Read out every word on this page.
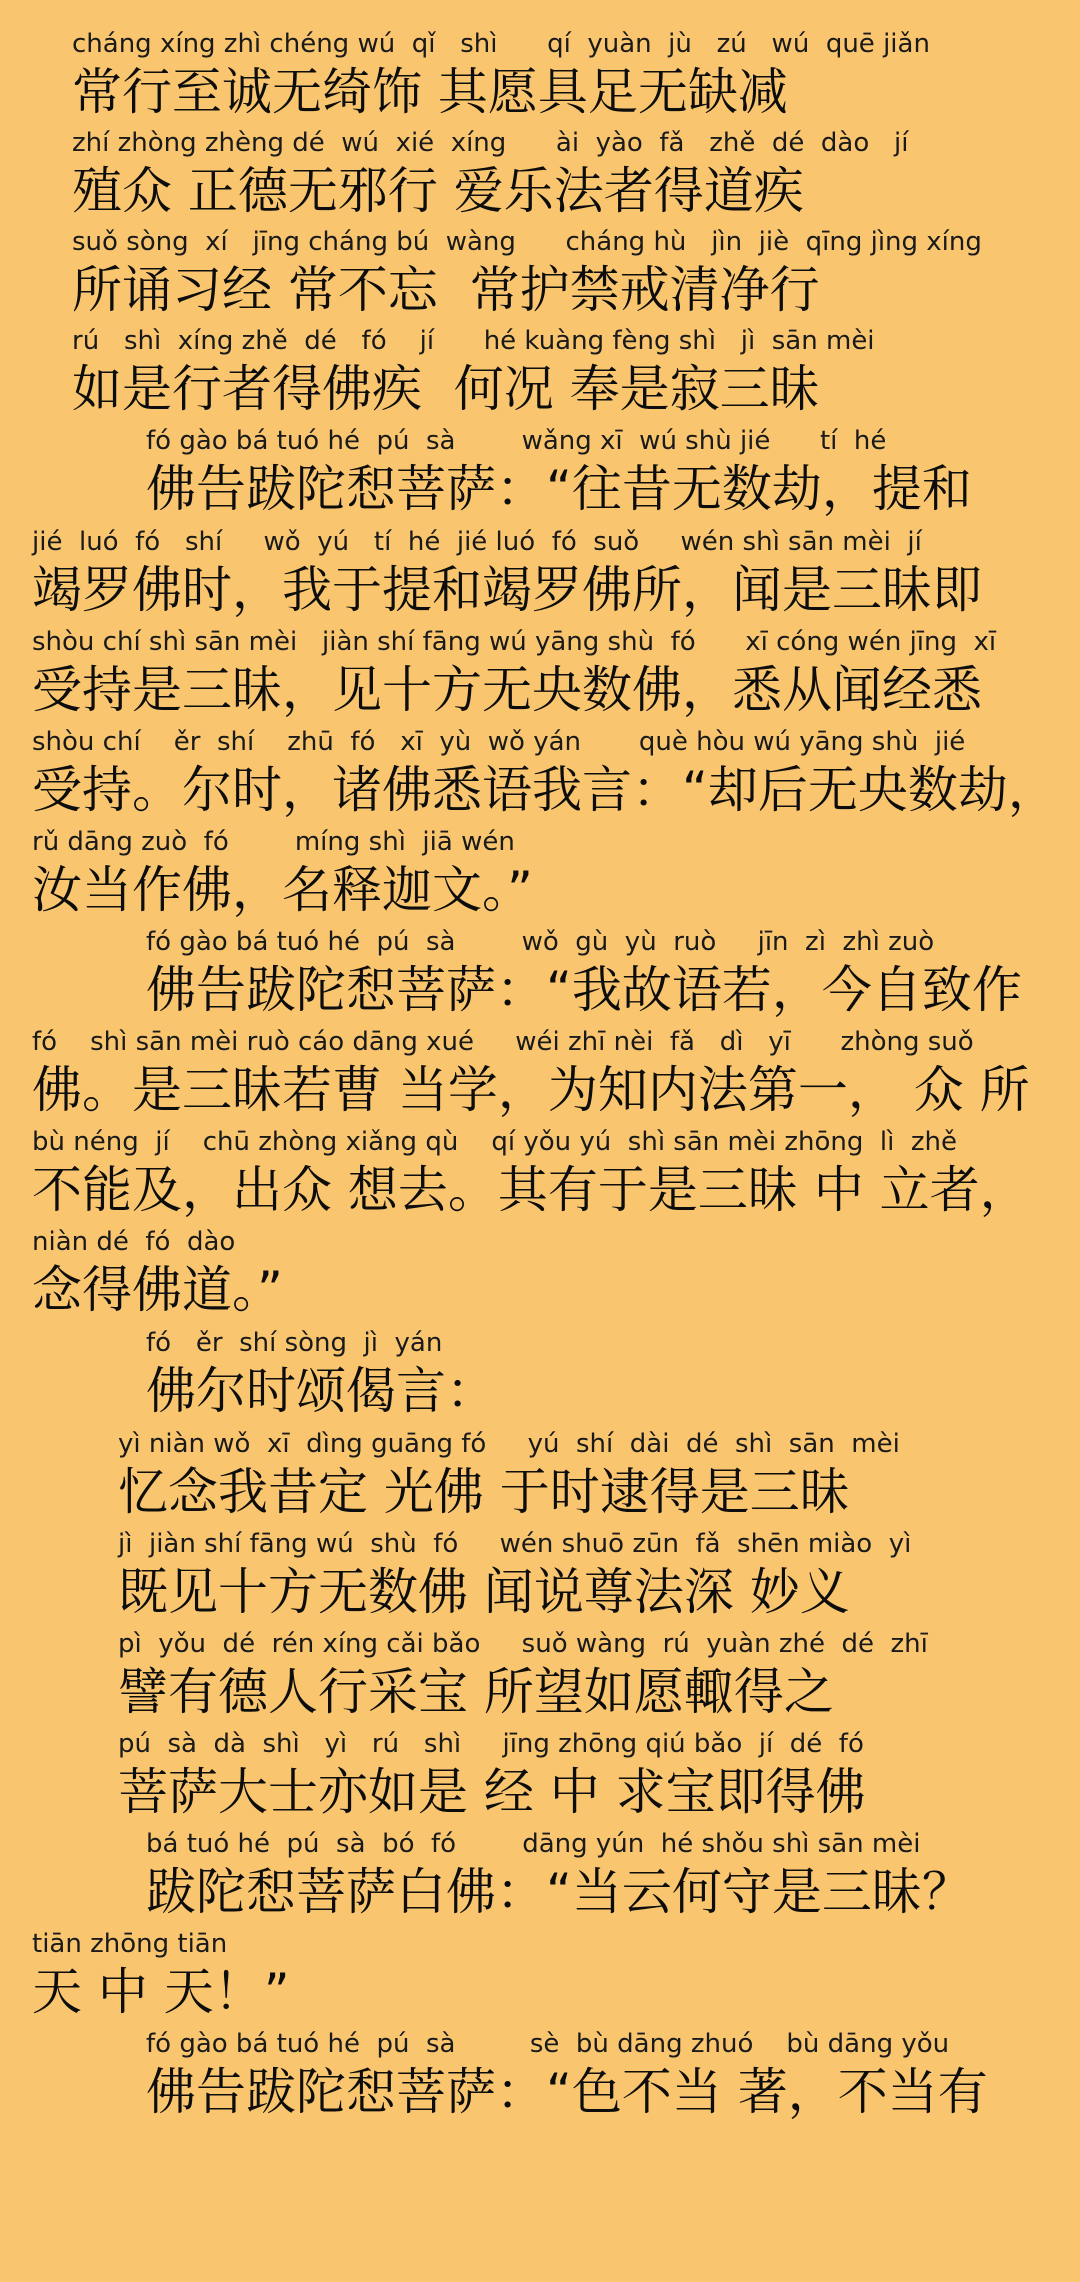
cháng xíng zhì chéng wú  qǐ   shì      qí  yuàn  jù   zú   wú  quē jiǎn
常行至诚无绮饰 其愿具足无缺减
zhí zhòng zhèng dé  wú  xié  xíng      ài  yào  fǎ   zhě  dé  dào   jí
殖众 正德无邪行 爱乐法者得道疾
suǒ sòng  xí   jīng cháng bú  wàng      cháng hù   jìn  jiè  qīng jìng xíng
所诵习经 常不忘  常护禁戒清净行
rú   shì  xíng zhě  dé   fó    jí      hé kuàng fèng shì   jì  sān mèi
如是行者得佛疾  何况 奉是寂三昧
fó gào bá tuó hé  pú  sà        wǎng xī  wú shù jié      tí  hé
佛告跋陀惒菩萨：“往昔无数劫，提和
jié  luó  fó   shí     wǒ  yú   tí  hé  jié luó  fó  suǒ     wén shì sān mèi  jí
竭罗佛时，我于提和竭罗佛所，闻是三昧即
shòu chí shì sān mèi   jiàn shí fāng wú yāng shù  fó      xī cóng wén jīng  xī
受持是三昧，见十方无央数佛，悉从闻经悉
shòu chí    ěr  shí    zhū  fó   xī  yù  wǒ yán       què hòu wú yāng shù  jié
受持。尔时，诸佛悉语我言：“却后无央数劫，
rǔ dāng zuò  fó        míng shì  jiā wén
汝当作佛，名释迦文。”
fó gào bá tuó hé  pú  sà        wǒ  gù  yù  ruò     jīn  zì  zhì zuò
佛告跋陀惒菩萨：“我故语若，今自致作
fó    shì sān mèi ruò cáo dāng xué     wéi zhī nèi  fǎ   dì   yī      zhòng suǒ
佛。是三昧若曹 当学，为知内法第一， 众 所
bù néng  jí    chū zhòng xiǎng qù    qí yǒu yú  shì sān mèi zhōng  lì  zhě
不能及，出众 想去。其有于是三昧 中 立者，
niàn dé  fó  dào
念得佛道。”
fó   ěr  shí sòng  jì  yán
佛尔时颂偈言：
yì niàn wǒ  xī  dìng guāng fó     yú  shí  dài  dé  shì  sān  mèi
忆念我昔定 光佛 于时逮得是三昧
jì  jiàn shí fāng wú  shù  fó     wén shuō zūn  fǎ  shēn miào  yì
既见十方无数佛 闻说尊法深 妙义
pì  yǒu  dé  rén xíng cǎi bǎo     suǒ wàng  rú  yuàn zhé  dé  zhī
譬有德人行采宝 所望如愿輙得之
pú  sà  dà  shì   yì   rú   shì     jīng zhōng qiú bǎo  jí  dé  fó
菩萨大士亦如是 经 中 求宝即得佛
bá tuó hé  pú  sà  bó  fó        dāng yún  hé shǒu shì sān mèi
跋陀惒菩萨白佛：“当云何守是三昧？
tiān zhōng tiān
天 中 天！”
fó gào bá tuó hé  pú  sà         sè  bù dāng zhuó    bù dāng yǒu
佛告跋陀惒菩萨：“色不当 著，不当有
